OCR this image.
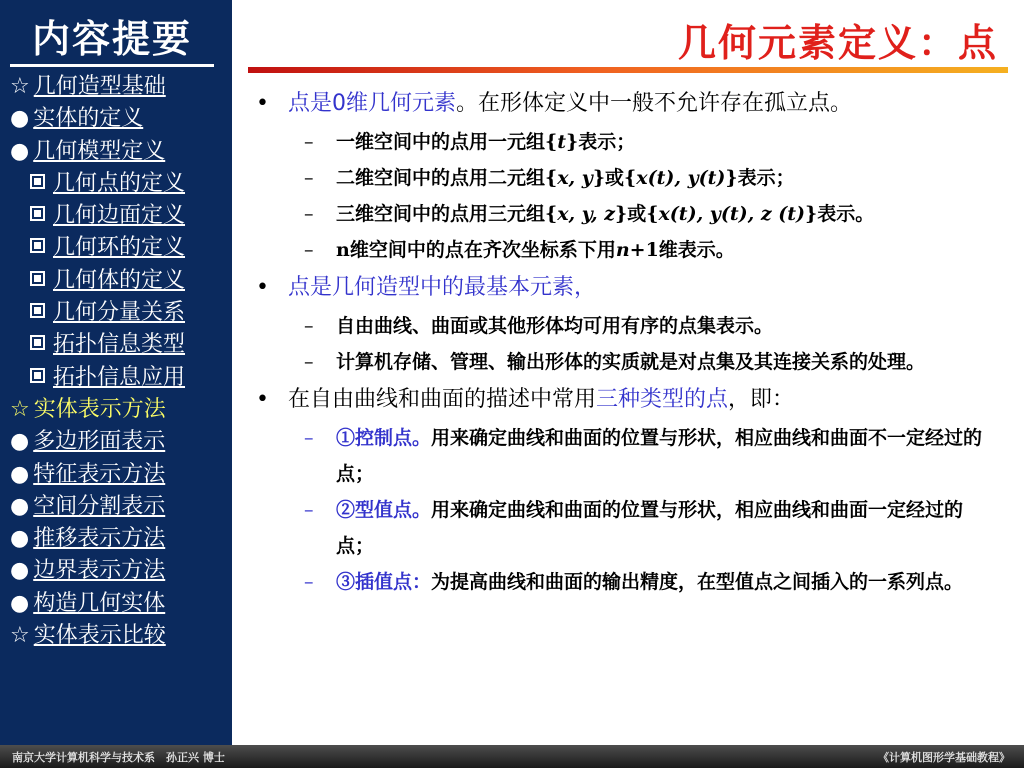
内容提要
☆ 几何造型基础
● 实体的定义
● 几何模型定义
几何点的定义
几何边面定义
几何环的定义
几何体的定义
几何分量关系
拓扑信息类型
拓扑信息应用
☆ 实体表示方法
● 多边形面表示
● 特征表示方法
● 空间分割表示
● 推移表示方法
● 边界表示方法
● 构造几何实体
☆ 实体表示比较
几何元素定义：点
• 点是0维几何元素。在形体定义中一般不允许存在孤立点。
– 一维空间中的点用一元组{t}表示；
– 二维空间中的点用二元组{x, y}或{x(t), y(t)}表示；
– 三维空间中的点用三元组{x, y, z}或{x(t), y(t), z (t)}表示。
– n维空间中的点在齐次坐标系下用n+1维表示。
• 点是几何造型中的最基本元素，
– 自由曲线、曲面或其他形体均可用有序的点集表示。
– 计算机存储、管理、输出形体的实质就是对点集及其连接关系的处理。
• 在自由曲线和曲面的描述中常用三种类型的点，即：
– ①控制点。用来确定曲线和曲面的位置与形状，相应曲线和曲面不一定经过的点；
– ②型值点。用来确定曲线和曲面的位置与形状，相应曲线和曲面一定经过的点；
– ③插值点：为提高曲线和曲面的输出精度，在型值点之间插入的一系列点。
南京大学计算机科学与技术系　孙正兴 博士	《计算机图形学基础教程》
